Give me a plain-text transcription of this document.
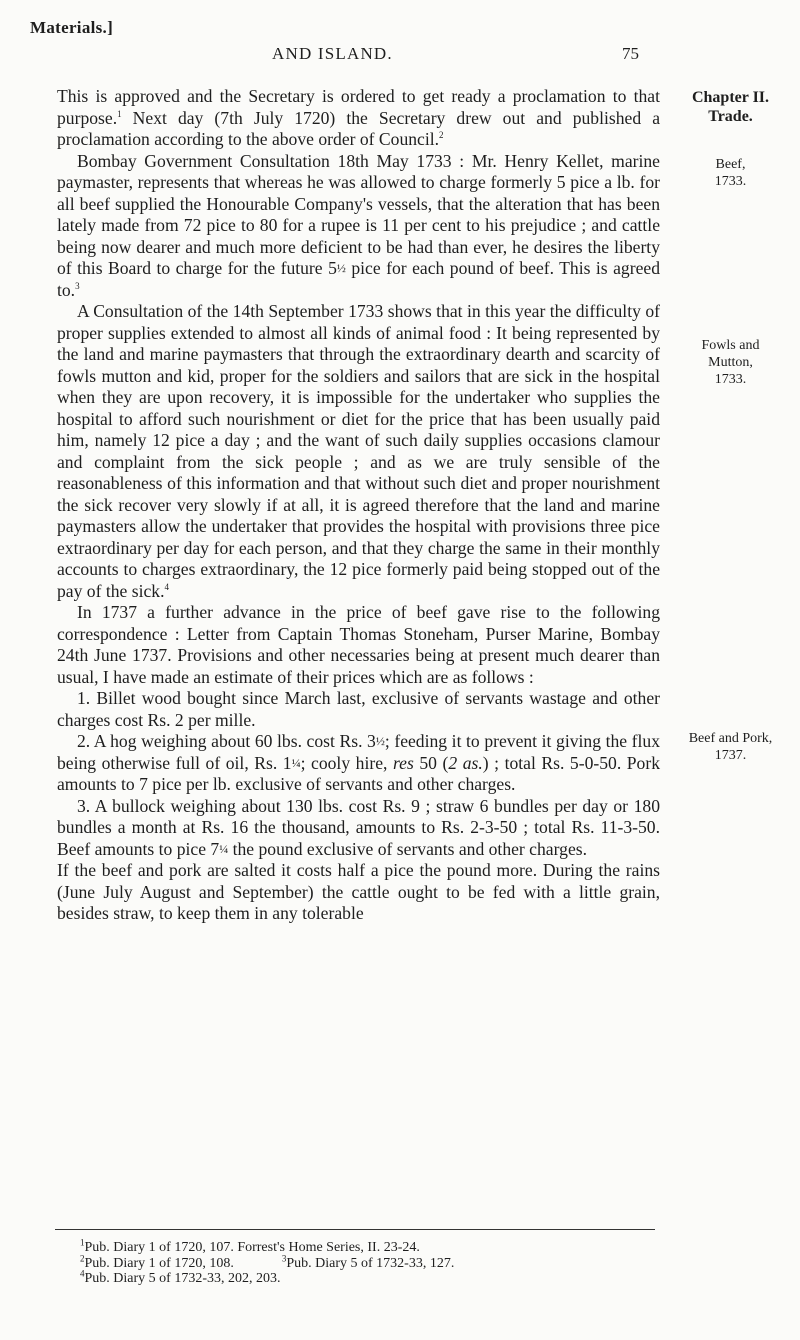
Materials.]
AND ISLAND.	75
Chapter II.
Trade.
Beef,
1733.
Fowls and
Mutton,
1733.
Beef and Pork,
1737.

This is approved and the Secretary is ordered to get ready a proclamation to that purpose.$^1$ Next day (7th July 1720) the Secretary drew out and published a proclamation according to the above order of Council.$^2$

Bombay Government Consultation 18th May 1733 : Mr. Henry Kellet, marine paymaster, represents that whereas he was allowed to charge formerly 5 pice a lb. for all beef supplied the Honourable Company's vessels, that the alteration that has been lately made from 72 pice to 80 for a rupee is 11 per cent to his prejudice ; and cattle being now dearer and much more deficient to be had than ever, he desires the liberty of this Board to charge for the future 5½ pice for each pound of beef. This is agreed to.$^3$

A Consultation of the 14th September 1733 shows that in this year the difficulty of proper supplies extended to almost all kinds of animal food : It being represented by the land and marine paymasters that through the extraordinary dearth and scarcity of fowls mutton and kid, proper for the soldiers and sailors that are sick in the hospital when they are upon recovery, it is impossible for the undertaker who supplies the hospital to afford such nourishment or diet for the price that has been usually paid him, namely 12 pice a day ; and the want of such daily supplies occasions clamour and complaint from the sick people ; and as we are truly sensible of the reasonableness of this information and that without such diet and proper nourishment the sick recover very slowly if at all, it is agreed therefore that the land and marine paymasters allow the undertaker that provides the hospital with provisions three pice extraordinary per day for each person, and that they charge the same in their monthly accounts to charges extraordinary, the 12 pice formerly paid being stopped out of the pay of the sick.$^4$

In 1737 a further advance in the price of beef gave rise to the following correspondence : Letter from Captain Thomas Stoneham, Purser Marine, Bombay 24th June 1737. Provisions and other necessaries being at present much dearer than usual, I have made an estimate of their prices which are as follows :

1. Billet wood bought since March last, exclusive of servants wastage and other charges cost Rs. 2 per mille.

2. A hog weighing about 60 lbs. cost Rs. 3½; feeding it to prevent it giving the flux being otherwise full of oil, Rs. 1¼; cooly hire, res 50 (2 as.) ; total Rs. 5-0-50. Pork amounts to 7 pice per lb. exclusive of servants and other charges.

3. A bullock weighing about 130 lbs. cost Rs. 9 ; straw 6 bundles per day or 180 bundles a month at Rs. 16 the thousand, amounts to Rs. 2-3-50 ; total Rs. 11-3-50. Beef amounts to pice 7¼ the pound exclusive of servants and other charges.

If the beef and pork are salted it costs half a pice the pound more. During the rains (June July August and September) the cattle ought to be fed with a little grain, besides straw, to keep them in any tolerable

$^1$Pub. Diary 1 of 1720, 107. Forrest's Home Series, II. 23-24.
$^2$Pub. Diary 1 of 1720, 108.	$^3$Pub. Diary 5 of 1732-33, 127.
$^4$Pub. Diary 5 of 1732-33, 202, 203.
